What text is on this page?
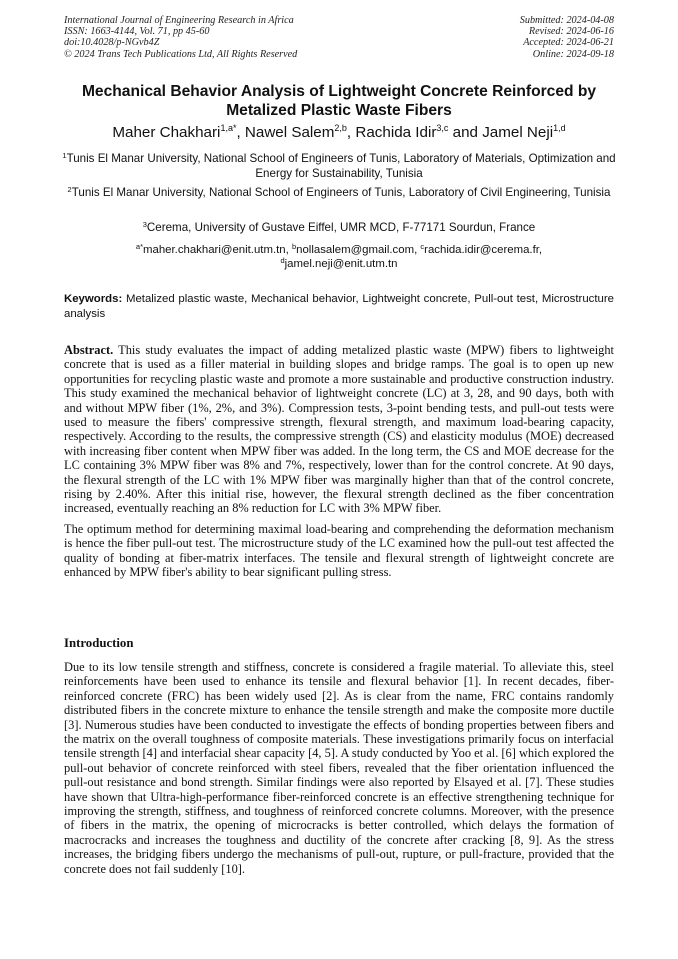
International Journal of Engineering Research in Africa
ISSN: 1663-4144, Vol. 71, pp 45-60
doi:10.4028/p-NGvb4Z
© 2024 Trans Tech Publications Ltd, All Rights Reserved
Submitted: 2024-04-08
Revised: 2024-06-16
Accepted: 2024-06-21
Online: 2024-09-18
Mechanical Behavior Analysis of Lightweight Concrete Reinforced by Metalized Plastic Waste Fibers
Maher Chakhari$^{1,a*}$, Nawel Salem$^{2,b}$, Rachida Idir$^{3,c}$ and Jamel Neji$^{1,d}$
$^1$Tunis El Manar University, National School of Engineers of Tunis, Laboratory of Materials, Optimization and Energy for Sustainability, Tunisia
$^2$Tunis El Manar University, National School of Engineers of Tunis, Laboratory of Civil Engineering, Tunisia
$^3$Cerema, University of Gustave Eiffel, UMR MCD, F-77171 Sourdun, France
$^{a*}$maher.chakhari@enit.utm.tn, $^b$nollasalem@gmail.com, $^c$rachida.idir@cerema.fr,
$^d$jamel.neji@enit.utm.tn
Keywords: Metalized plastic waste, Mechanical behavior, Lightweight concrete, Pull-out test, Microstructure analysis

Abstract. This study evaluates the impact of adding metalized plastic waste (MPW) fibers to lightweight concrete that is used as a filler material in building slopes and bridge ramps. The goal is to open up new opportunities for recycling plastic waste and promote a more sustainable and productive construction industry. This study examined the mechanical behavior of lightweight concrete (LC) at 3, 28, and 90 days, both with and without MPW fiber (1%, 2%, and 3%). Compression tests, 3-point bending tests, and pull-out tests were used to measure the fibers' compressive strength, flexural strength, and maximum load-bearing capacity, respectively. According to the results, the compressive strength (CS) and elasticity modulus (MOE) decreased with increasing fiber content when MPW fiber was added. In the long term, the CS and MOE decrease for the LC containing 3% MPW fiber was 8% and 7%, respectively, lower than for the control concrete. At 90 days, the flexural strength of the LC with 1% MPW fiber was marginally higher than that of the control concrete, rising by 2.40%. After this initial rise, however, the flexural strength declined as the fiber concentration increased, eventually reaching an 8% reduction for LC with 3% MPW fiber.

The optimum method for determining maximal load-bearing and comprehending the deformation mechanism is hence the fiber pull-out test. The microstructure study of the LC examined how the pull-out test affected the quality of bonding at fiber-matrix interfaces. The tensile and flexural strength of lightweight concrete are enhanced by MPW fiber's ability to bear significant pulling stress.

Introduction

Due to its low tensile strength and stiffness, concrete is considered a fragile material. To alleviate this, steel reinforcements have been used to enhance its tensile and flexural behavior [1]. In recent decades, fiber-reinforced concrete (FRC) has been widely used [2]. As is clear from the name, FRC contains randomly distributed fibers in the concrete mixture to enhance the tensile strength and make the composite more ductile [3]. Numerous studies have been conducted to investigate the effects of bonding properties between fibers and the matrix on the overall toughness of composite materials. These investigations primarily focus on interfacial tensile strength [4] and interfacial shear capacity [4, 5]. A study conducted by Yoo et al. [6] which explored the pull-out behavior of concrete reinforced with steel fibers, revealed that the fiber orientation influenced the pull-out resistance and bond strength. Similar findings were also reported by Elsayed et al. [7]. These studies have shown that Ultra-high-performance fiber-reinforced concrete is an effective strengthening technique for improving the strength, stiffness, and toughness of reinforced concrete columns. Moreover, with the presence of fibers in the matrix, the opening of microcracks is better controlled, which delays the formation of macrocracks and increases the toughness and ductility of the concrete after cracking [8, 9]. As the stress increases, the bridging fibers undergo the mechanisms of pull-out, rupture, or pull-fracture, provided that the concrete does not fail suddenly [10].
